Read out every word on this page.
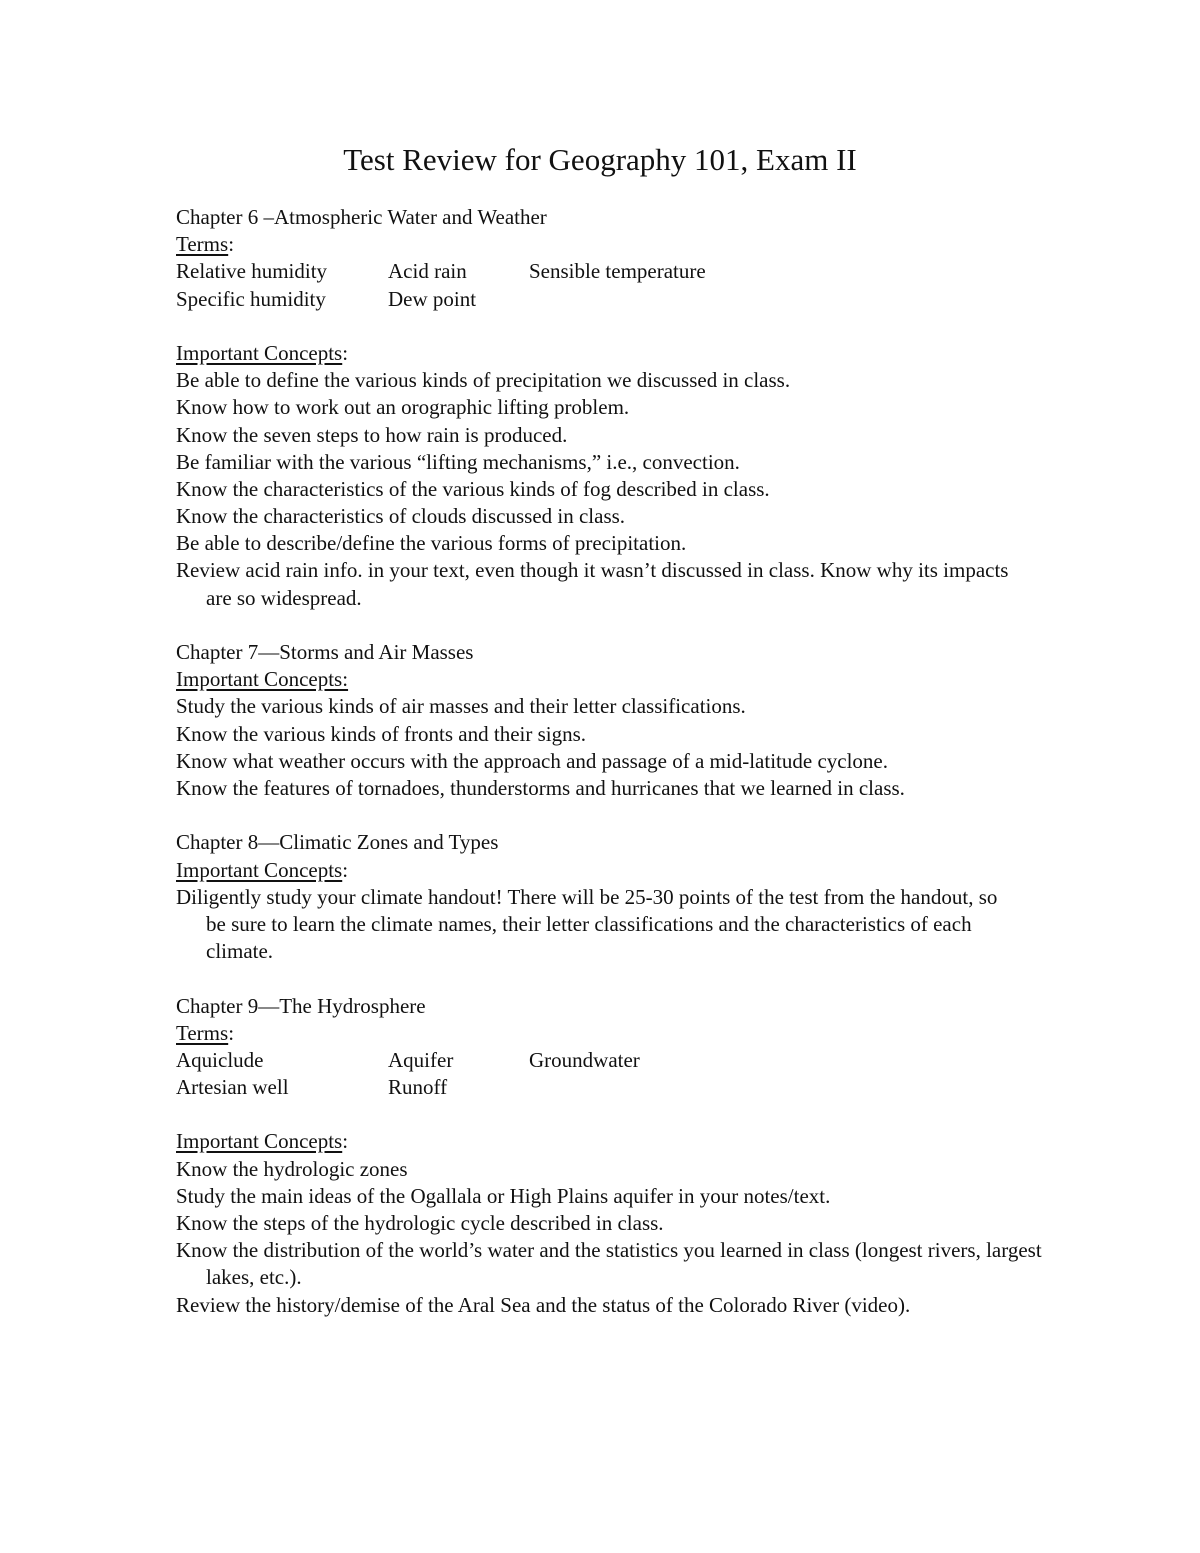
Test Review for Geography 101, Exam II
Chapter 6 –Atmospheric Water and Weather
Terms:
Relative humidity	Acid rain	Sensible temperature
Specific humidity	Dew point
Important Concepts:
Be able to define the various kinds of precipitation we discussed in class.
Know how to work out an orographic lifting problem.
Know the seven steps to how rain is produced.
Be familiar with the various “lifting mechanisms,” i.e., convection.
Know the characteristics of the various kinds of fog described in class.
Know the characteristics of clouds discussed in class.
Be able to describe/define the various forms of precipitation.
Review acid rain info. in your text, even though it wasn’t discussed in class. Know why its impacts are so widespread.
Chapter 7—Storms and Air Masses
Important Concepts:
Study the various kinds of air masses and their letter classifications.
Know the various kinds of fronts and their signs.
Know what weather occurs with the approach and passage of a mid-latitude cyclone.
Know the features of tornadoes, thunderstorms and hurricanes that we learned in class.
Chapter 8—Climatic Zones and Types
Important Concepts:
Diligently study your climate handout! There will be 25-30 points of the test from the handout, so be sure to learn the climate names, their letter classifications and the characteristics of each climate.
Chapter 9—The Hydrosphere
Terms:
Aquiclude	Aquifer	Groundwater
Artesian well	Runoff
Important Concepts:
Know the hydrologic zones
Study the main ideas of the Ogallala or High Plains aquifer in your notes/text.
Know the steps of the hydrologic cycle described in class.
Know the distribution of the world’s water and the statistics you learned in class (longest rivers, largest lakes, etc.).
Review the history/demise of the Aral Sea and the status of the Colorado River (video).
